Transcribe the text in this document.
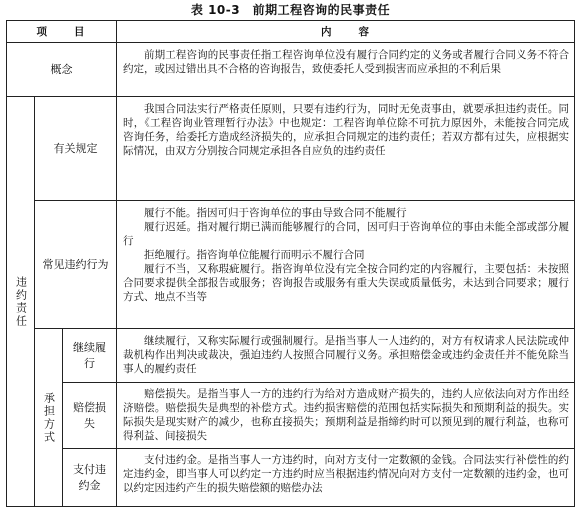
表 10-3　前期工程咨询的民事责任
项　　目	内　　容
概念
前期工程咨询的民事责任指工程咨询单位没有履行合同约定的义务或者履行合同义务不符合约定，或因过错出具不合格的咨询报告，致使委托人受到损害而应承担的不利后果
违约责任
有关规定
我国合同法实行严格责任原则，只要有违约行为，同时无免责事由，就要承担违约责任。同时，《工程咨询业管理暂行办法》中也规定：工程咨询单位除不可抗力原因外，未能按合同完成咨询任务，给委托方造成经济损失的，应承担合同规定的违约责任；若双方都有过失，应根据实际情况，由双方分别按合同规定承担各自应负的违约责任
常见违约行为
履行不能。指因可归于咨询单位的事由导致合同不能履行
履行迟延。指对履行期已满而能够履行的合同，因可归于咨询单位的事由未能全部或部分履行
拒绝履行。指咨询单位能履行而明示不履行合同
履行不当，又称瑕疵履行。指咨询单位没有完全按合同约定的内容履行，主要包括：未按照合同要求提供全部报告或服务；咨询报告或服务有重大失误或质量低劣，未达到合同要求；履行方式、地点不当等
承担方式
继续履行
继续履行，又称实际履行或强制履行。是指当事人一人违约的，对方有权请求人民法院或仲裁机构作出判决或裁决，强迫违约人按照合同履行义务。承担赔偿金或违约金责任并不能免除当事人的履约责任
赔偿损失
赔偿损失。是指当事人一方的违约行为给对方造成财产损失的，违约人应依法向对方作出经济赔偿。赔偿损失是典型的补偿方式。违约损害赔偿的范围包括实际损失和预期利益的损失。实际损失是现实财产的减少，也称直接损失；预期利益是指缔约时可以预见到的履行利益，也称可得利益、间接损失
支付违约金
支付违约金。是指当事人一方违约时，向对方支付一定数额的金钱。合同法实行补偿性的约定违约金，即当事人可以约定一方违约时应当根据违约情况向对方支付一定数额的违约金，也可以约定因违约产生的损失赔偿额的赔偿办法
